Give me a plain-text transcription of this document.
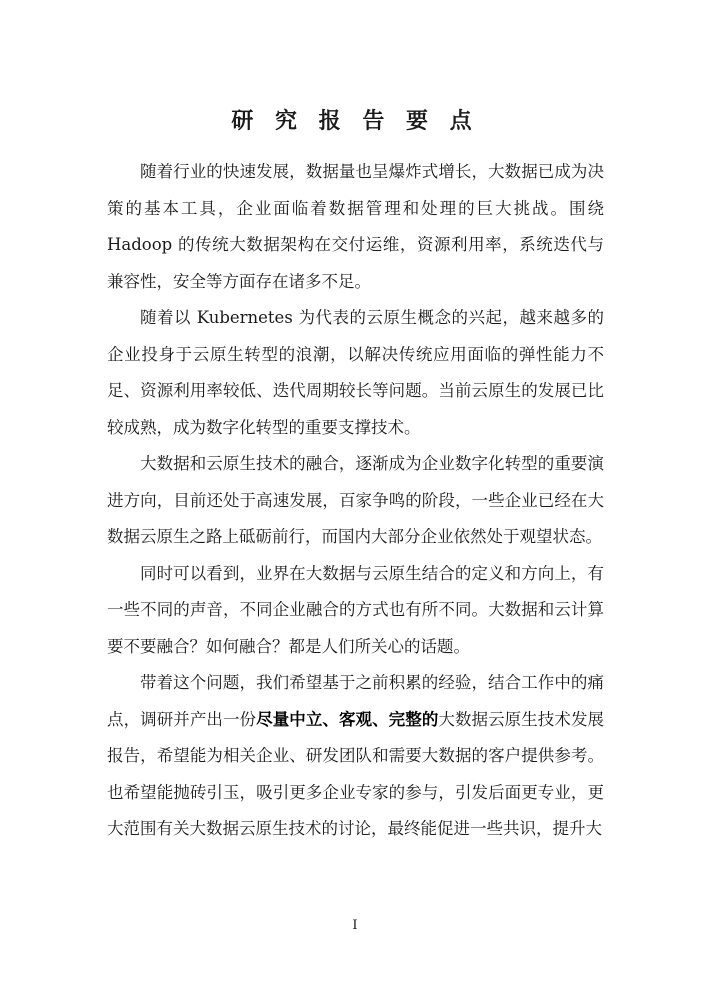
研 究 报 告 要 点

随着行业的快速发展，数据量也呈爆炸式增长，大数据已成为决策的基本工具，企业面临着数据管理和处理的巨大挑战。围绕 Hadoop 的传统大数据架构在交付运维，资源利用率，系统迭代与兼容性，安全等方面存在诸多不足。

随着以 Kubernetes 为代表的云原生概念的兴起，越来越多的企业投身于云原生转型的浪潮，以解决传统应用面临的弹性能力不足、资源利用率较低、迭代周期较长等问题。当前云原生的发展已比较成熟，成为数字化转型的重要支撑技术。

大数据和云原生技术的融合，逐渐成为企业数字化转型的重要演进方向，目前还处于高速发展，百家争鸣的阶段，一些企业已经在大数据云原生之路上砥砺前行，而国内大部分企业依然处于观望状态。

同时可以看到，业界在大数据与云原生结合的定义和方向上，有一些不同的声音，不同企业融合的方式也有所不同。大数据和云计算要不要融合？如何融合？都是人们所关心的话题。

带着这个问题，我们希望基于之前积累的经验，结合工作中的痛点，调研并产出一份尽量中立、客观、完整的大数据云原生技术发展报告，希望能为相关企业、研发团队和需要大数据的客户提供参考。也希望能抛砖引玉，吸引更多企业专家的参与，引发后面更专业，更大范围有关大数据云原生技术的讨论，最终能促进一些共识，提升大

I
